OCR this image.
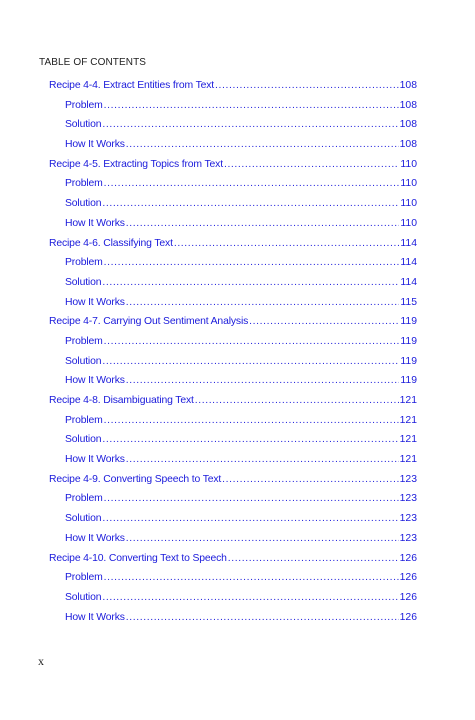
TABLE OF CONTENTS
Recipe 4-4. Extract Entities from Text .....	108
Problem .....	108
Solution .....	108
How It Works .....	108
Recipe 4-5. Extracting Topics from Text .....	110
Problem .....	110
Solution .....	110
How It Works .....	110
Recipe 4-6. Classifying Text .....	114
Problem .....	114
Solution .....	114
How It Works .....	115
Recipe 4-7. Carrying Out Sentiment Analysis .....	119
Problem .....	119
Solution .....	119
How It Works .....	119
Recipe 4-8. Disambiguating Text .....	121
Problem .....	121
Solution .....	121
How It Works .....	121
Recipe 4-9. Converting Speech to Text .....	123
Problem .....	123
Solution .....	123
How It Works .....	123
Recipe 4-10. Converting Text to Speech .....	126
Problem .....	126
Solution .....	126
How It Works .....	126
x
